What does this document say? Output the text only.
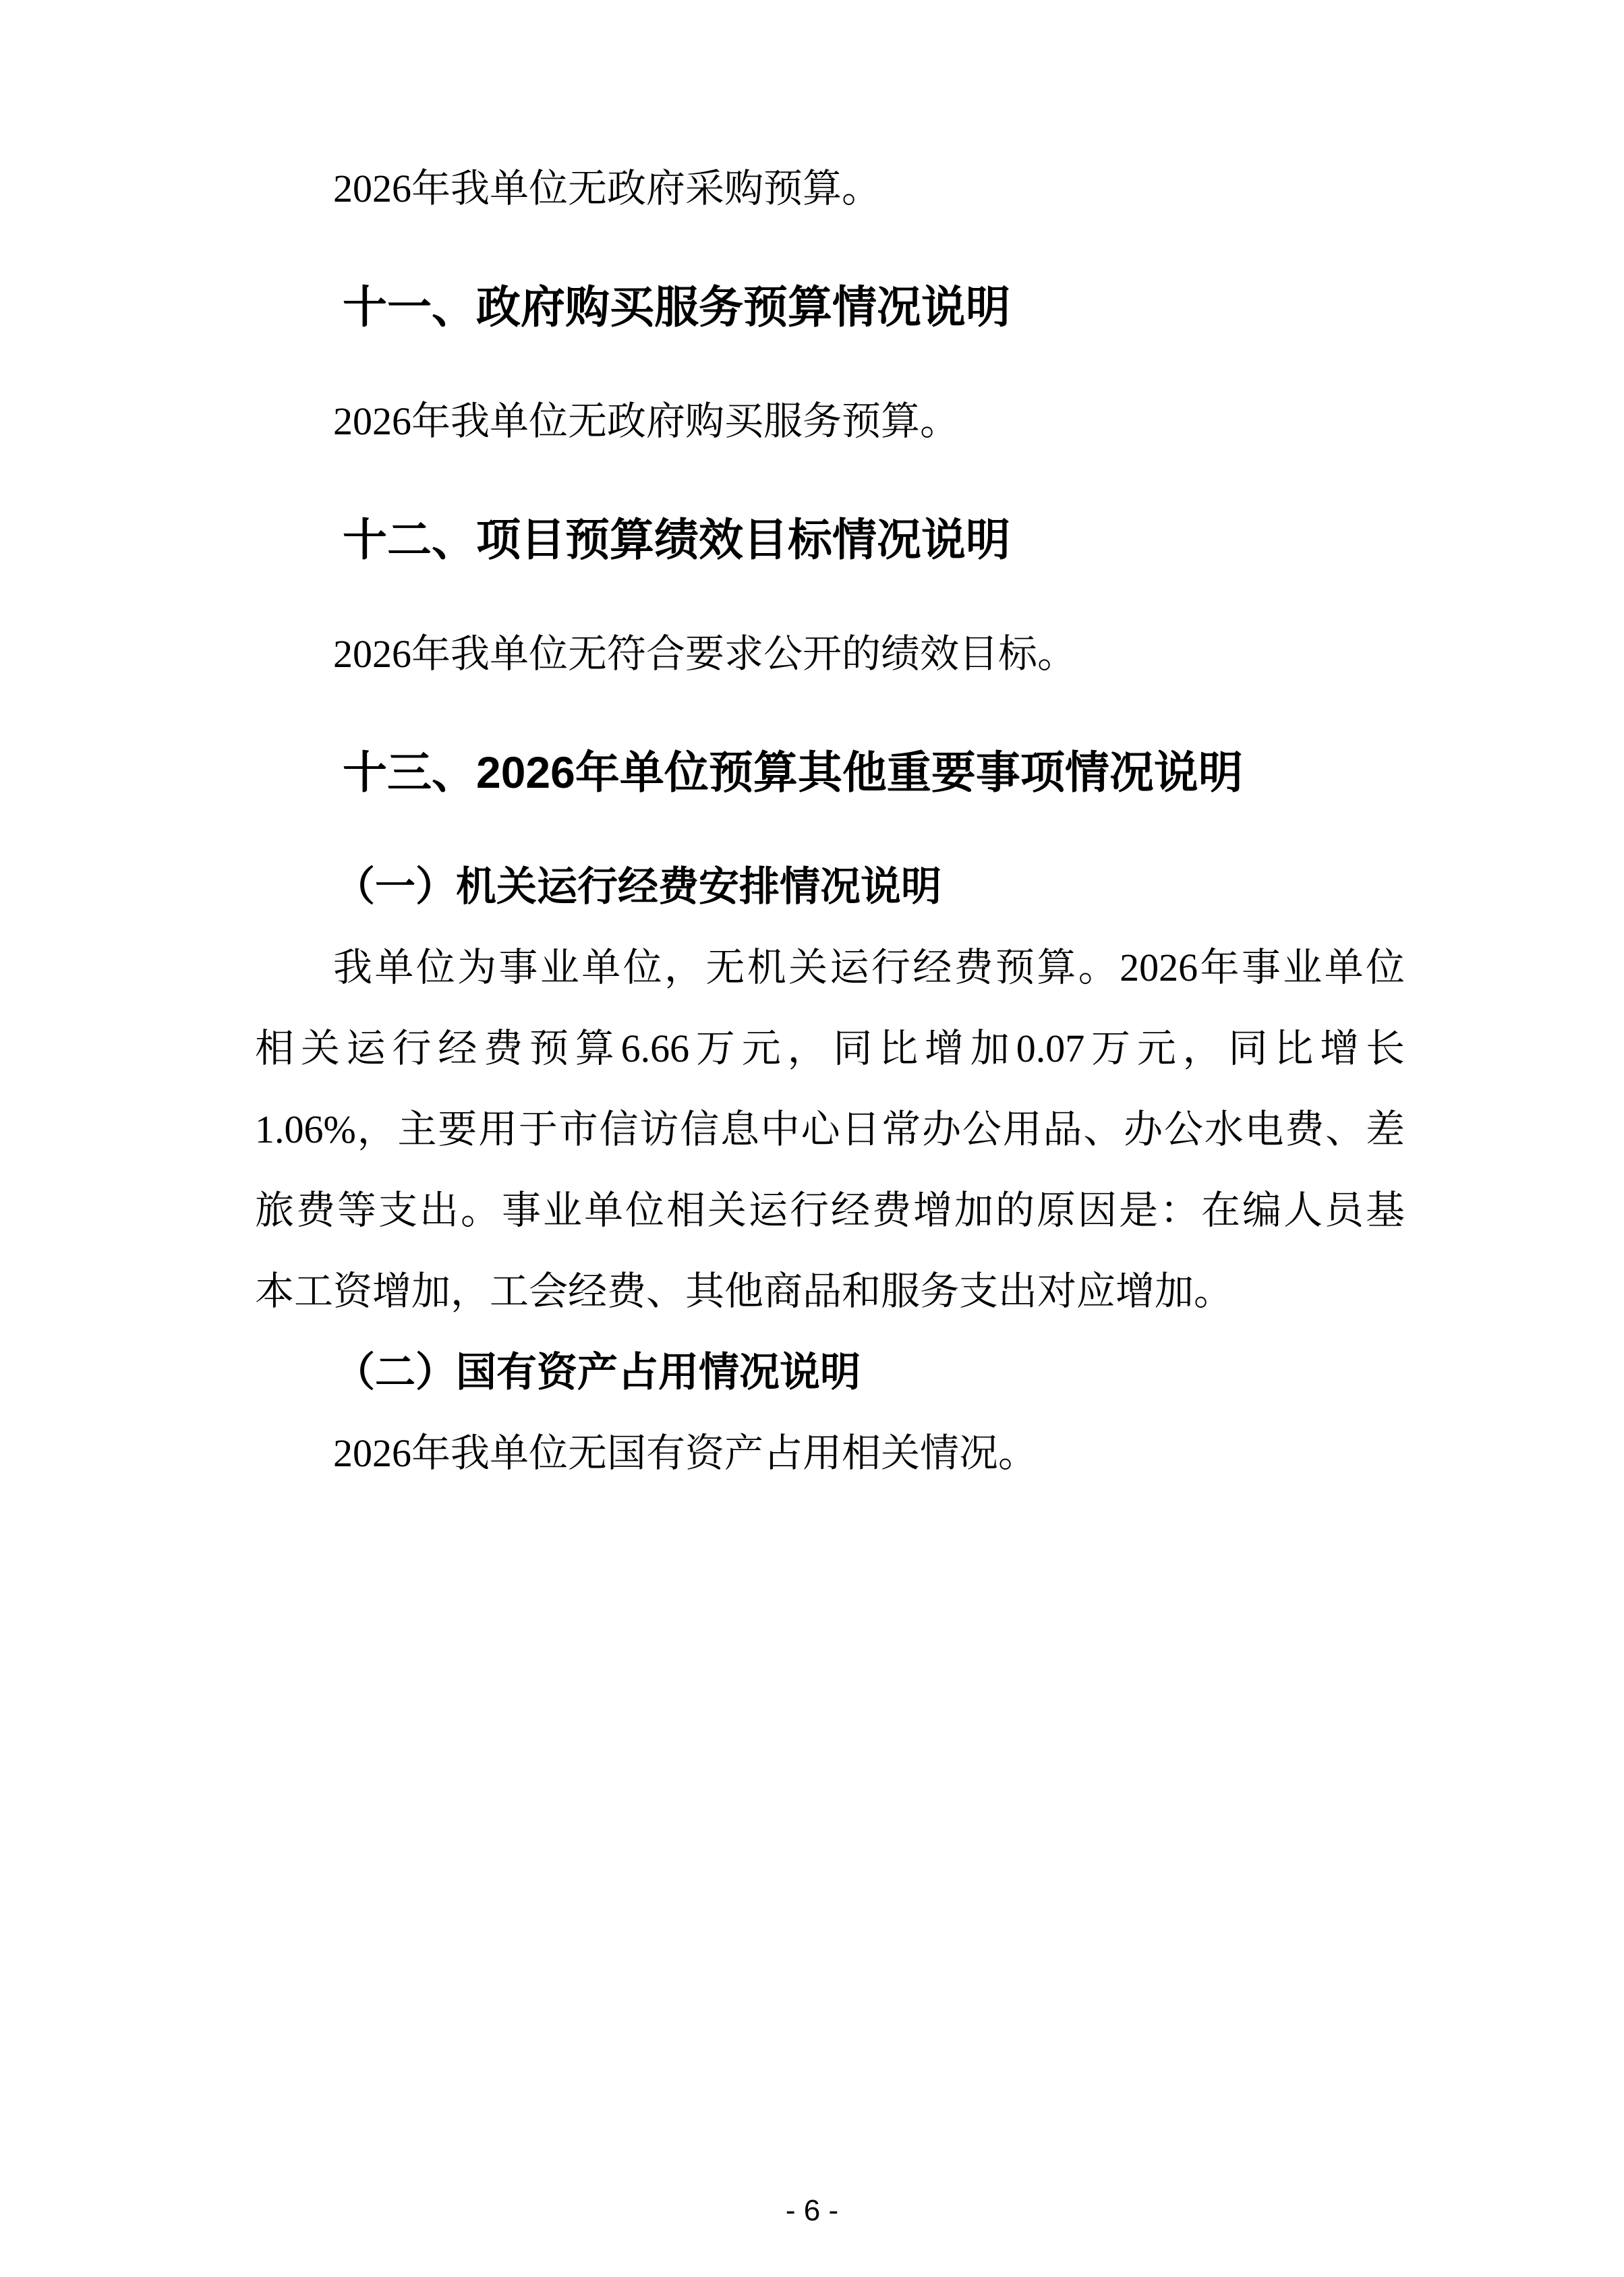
2026年我单位无政府采购预算。
十一、政府购买服务预算情况说明
2026年我单位无政府购买服务预算。
十二、项目预算绩效目标情况说明
2026年我单位无符合要求公开的绩效目标。
十三、2026年单位预算其他重要事项情况说明
（一）机关运行经费安排情况说明
我单位为事业单位，无机关运行经费预算。2026年事业单位
相关运行经费预算6.66万元，同比增加0.07万元，同比增长
1.06%，主要用于市信访信息中心日常办公用品、办公水电费、差
旅费等支出。事业单位相关运行经费增加的原因是：在编人员基
本工资增加，工会经费、其他商品和服务支出对应增加。
（二）国有资产占用情况说明
2026年我单位无国有资产占用相关情况。
- 6 -
